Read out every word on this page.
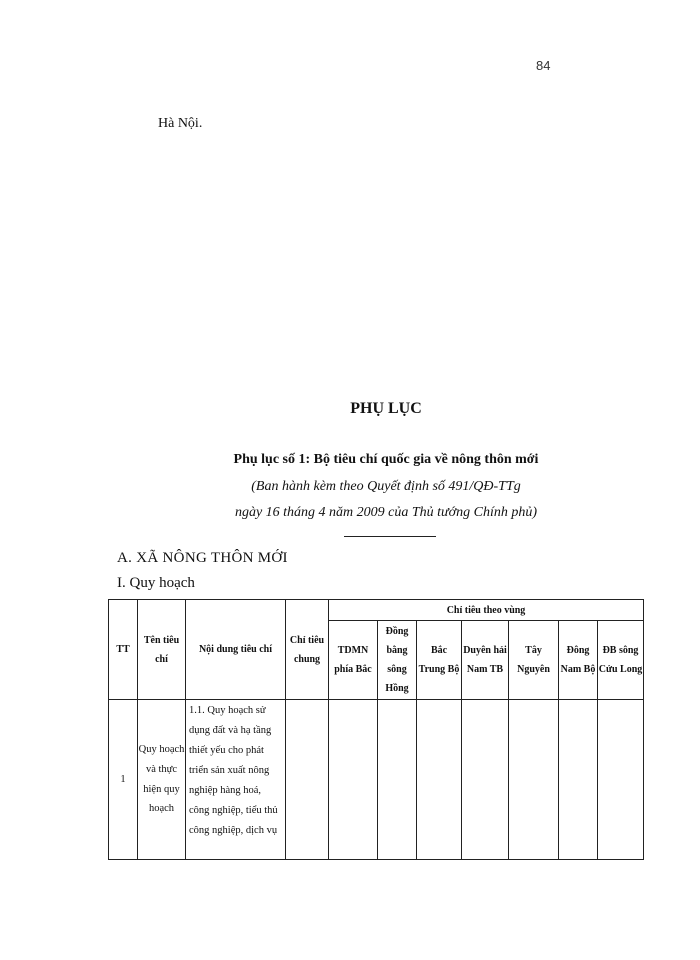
84
Hà Nội.
PHỤ LỤC
Phụ lục số 1: Bộ tiêu chí quốc gia về nông thôn mới
(Ban hành kèm theo Quyết định số 491/QĐ-TTg
ngày 16 tháng 4 năm 2009 của Thủ tướng Chính phủ)
A. XÃ NÔNG THÔN MỚI
I. Quy hoạch
TT	Tên tiêu chí	Nội dung tiêu chí	Chỉ tiêu chung	Chỉ tiêu theo vùng						
				TDMN phía Bắc	Đồng bằng sông Hồng	Bắc Trung Bộ	Duyên hải Nam TB	Tây Nguyên	Đông Nam Bộ	ĐB sông Cửu Long
1	Quy hoạch và thực hiện quy hoạch	1.1. Quy hoạch sử dụng đất và hạ tầng thiết yếu cho phát triển sản xuất nông nghiệp hàng hoá, công nghiệp, tiểu thủ công nghiệp, dịch vụ								
